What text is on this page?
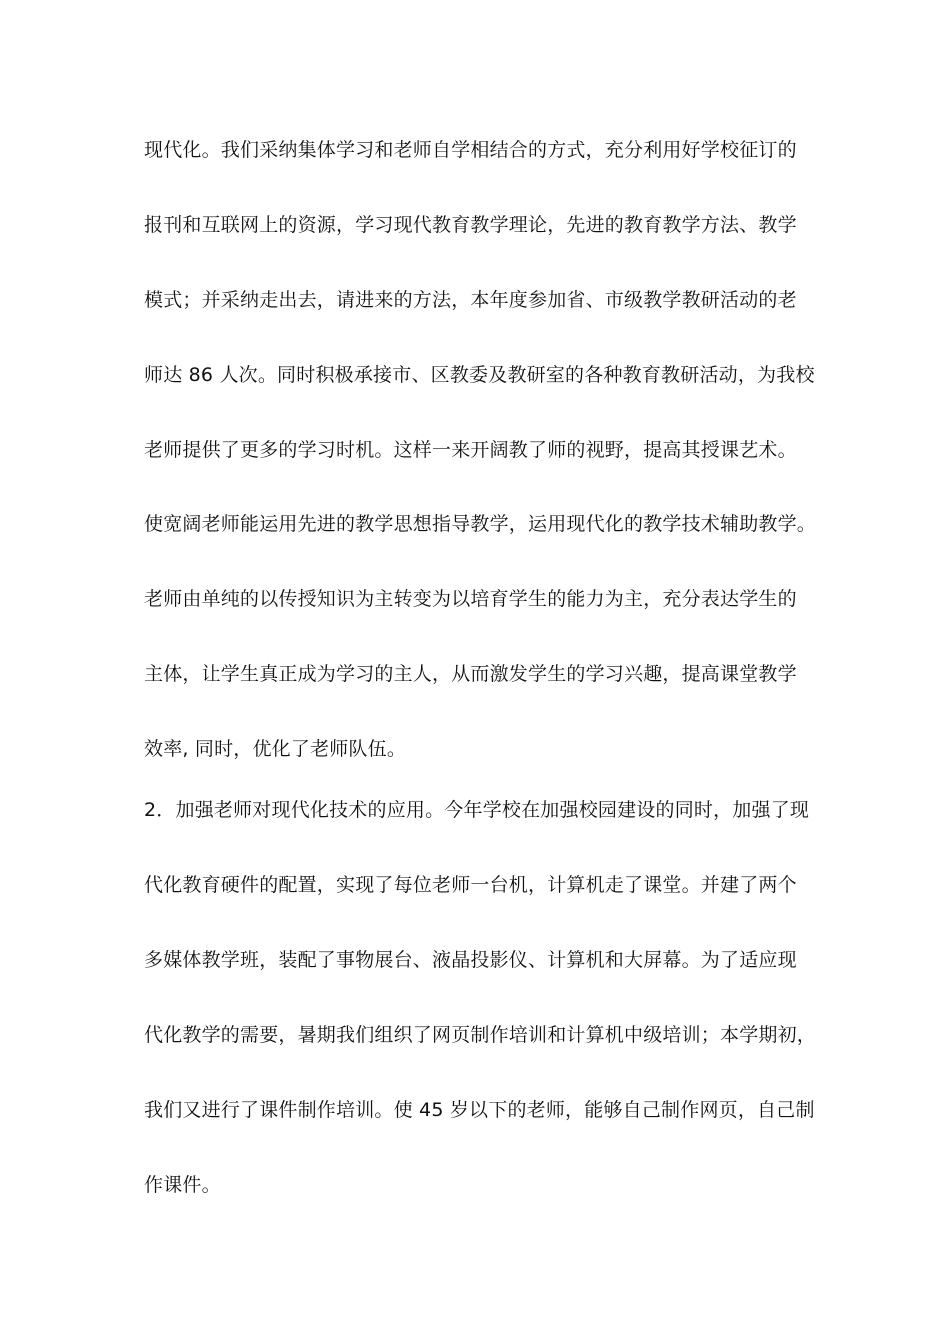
现代化。我们采纳集体学习和老师自学相结合的方式，充分利用好学校征订的
报刊和互联网上的资源，学习现代教育教学理论，先进的教育教学方法、教学
模式；并采纳走出去，请进来的方法，本年度参加省、市级教学教研活动的老
师达 86 人次。同时积极承接市、区教委及教研室的各种教育教研活动，为我校
老师提供了更多的学习时机。这样一来开阔教了师的视野，提高其授课艺术。
使宽阔老师能运用先进的教学思想指导教学，运用现代化的教学技术辅助教学。
老师由单纯的以传授知识为主转变为以培育学生的能力为主，充分表达学生的
主体，让学生真正成为学习的主人，从而激发学生的学习兴趣，提高课堂教学
效率, 同时，优化了老师队伍。
2．加强老师对现代化技术的应用。今年学校在加强校园建设的同时，加强了现
代化教育硬件的配置，实现了每位老师一台机，计算机走了课堂。并建了两个
多媒体教学班，装配了事物展台、液晶投影仪、计算机和大屏幕。为了适应现
代化教学的需要，暑期我们组织了网页制作培训和计算机中级培训；本学期初，
我们又进行了课件制作培训。使 45 岁以下的老师，能够自己制作网页，自己制
作课件。
